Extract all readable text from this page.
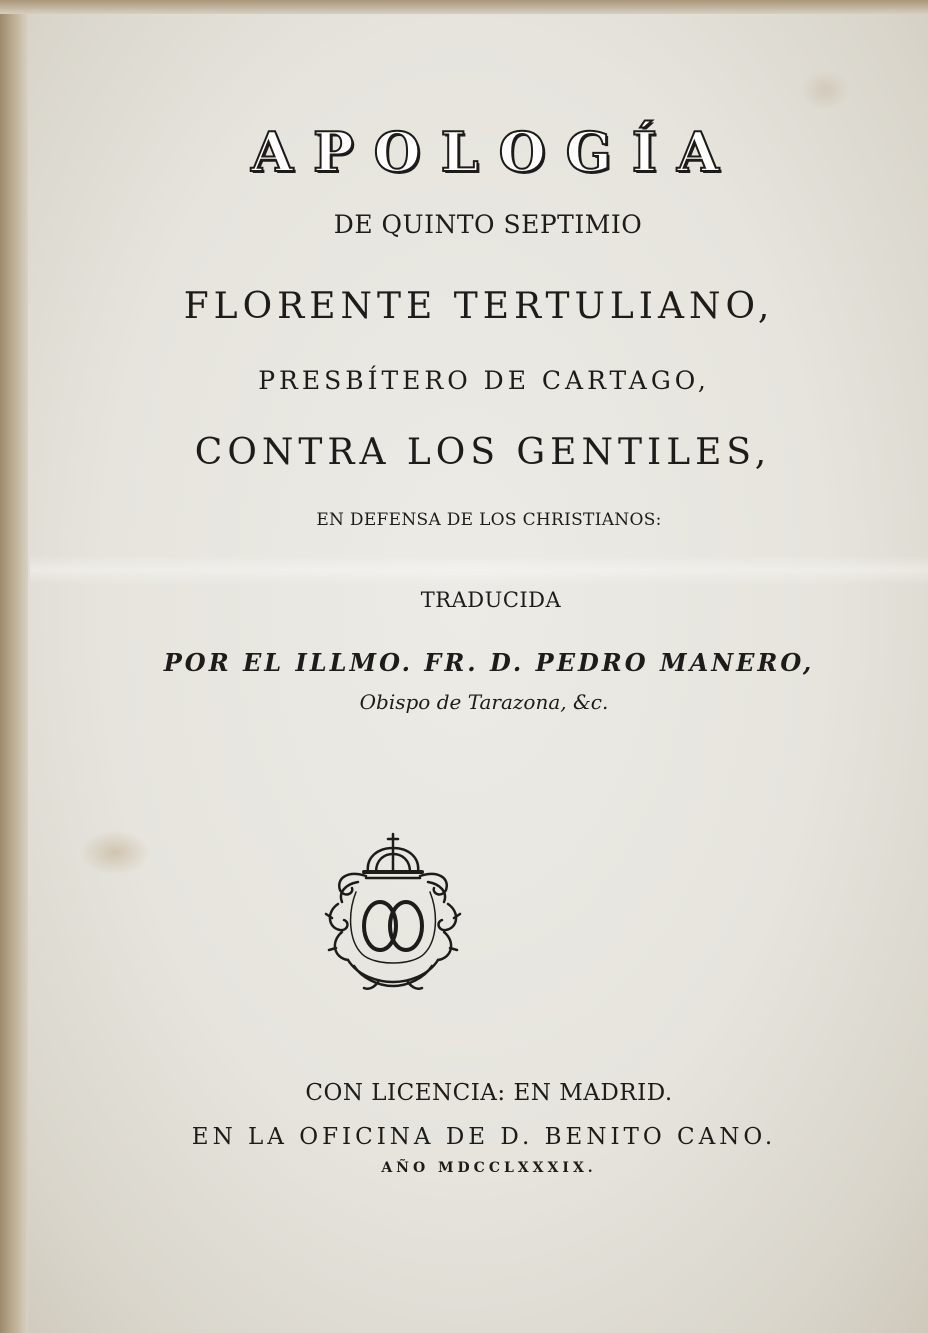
APOLOGÍA

DE QUINTO SEPTIMIO

FLORENTE TERTULIANO,

PRESBÍTERO DE CARTAGO,

CONTRA LOS GENTILES,

EN DEFENSA DE LOS CHRISTIANOS:

TRADUCIDA

POR EL ILLMO. FR. D. PEDRO MANERO,

Obispo de Tarazona, &c.

CON LICENCIA: EN MADRID.

EN LA OFICINA DE D. BENITO CANO.

AÑO MDCCLXXXIX.
